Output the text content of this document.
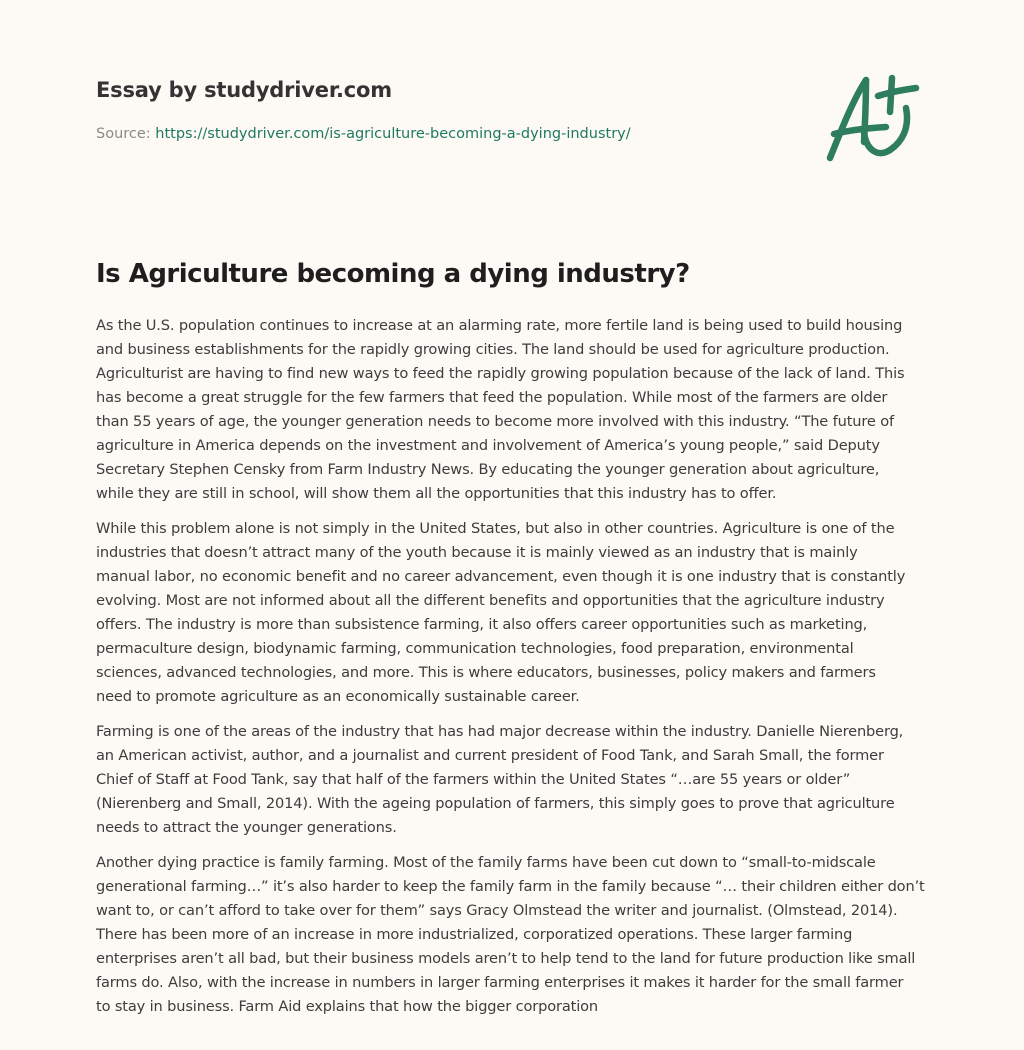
Essay by studydriver.com
Source: https://studydriver.com/is-agriculture-becoming-a-dying-industry/
Is Agriculture becoming a dying industry?

As the U.S. population continues to increase at an alarming rate, more fertile land is being used to build housing
and business establishments for the rapidly growing cities. The land should be used for agriculture production.
Agriculturist are having to find new ways to feed the rapidly growing population because of the lack of land. This
has become a great struggle for the few farmers that feed the population. While most of the farmers are older
than 55 years of age, the younger generation needs to become more involved with this industry. “The future of
agriculture in America depends on the investment and involvement of America’s young people,” said Deputy
Secretary Stephen Censky from Farm Industry News. By educating the younger generation about agriculture,
while they are still in school, will show them all the opportunities that this industry has to offer.

While this problem alone is not simply in the United States, but also in other countries. Agriculture is one of the
industries that doesn’t attract many of the youth because it is mainly viewed as an industry that is mainly
manual labor, no economic benefit and no career advancement, even though it is one industry that is constantly
evolving. Most are not informed about all the different benefits and opportunities that the agriculture industry
offers. The industry is more than subsistence farming, it also offers career opportunities such as marketing,
permaculture design, biodynamic farming, communication technologies, food preparation, environmental
sciences, advanced technologies, and more. This is where educators, businesses, policy makers and farmers
need to promote agriculture as an economically sustainable career.

Farming is one of the areas of the industry that has had major decrease within the industry. Danielle Nierenberg,
an American activist, author, and a journalist and current president of Food Tank, and Sarah Small, the former
Chief of Staff at Food Tank, say that half of the farmers within the United States “…are 55 years or older”
(Nierenberg and Small, 2014). With the ageing population of farmers, this simply goes to prove that agriculture
needs to attract the younger generations.

Another dying practice is family farming. Most of the family farms have been cut down to “small-to-midscale
generational farming…” it’s also harder to keep the family farm in the family because “… their children either don’t
want to, or can’t afford to take over for them” says Gracy Olmstead the writer and journalist. (Olmstead, 2014).
There has been more of an increase in more industrialized, corporatized operations. These larger farming
enterprises aren’t all bad, but their business models aren’t to help tend to the land for future production like small
farms do. Also, with the increase in numbers in larger farming enterprises it makes it harder for the small farmer
to stay in business. Farm Aid explains that how the bigger corporation
